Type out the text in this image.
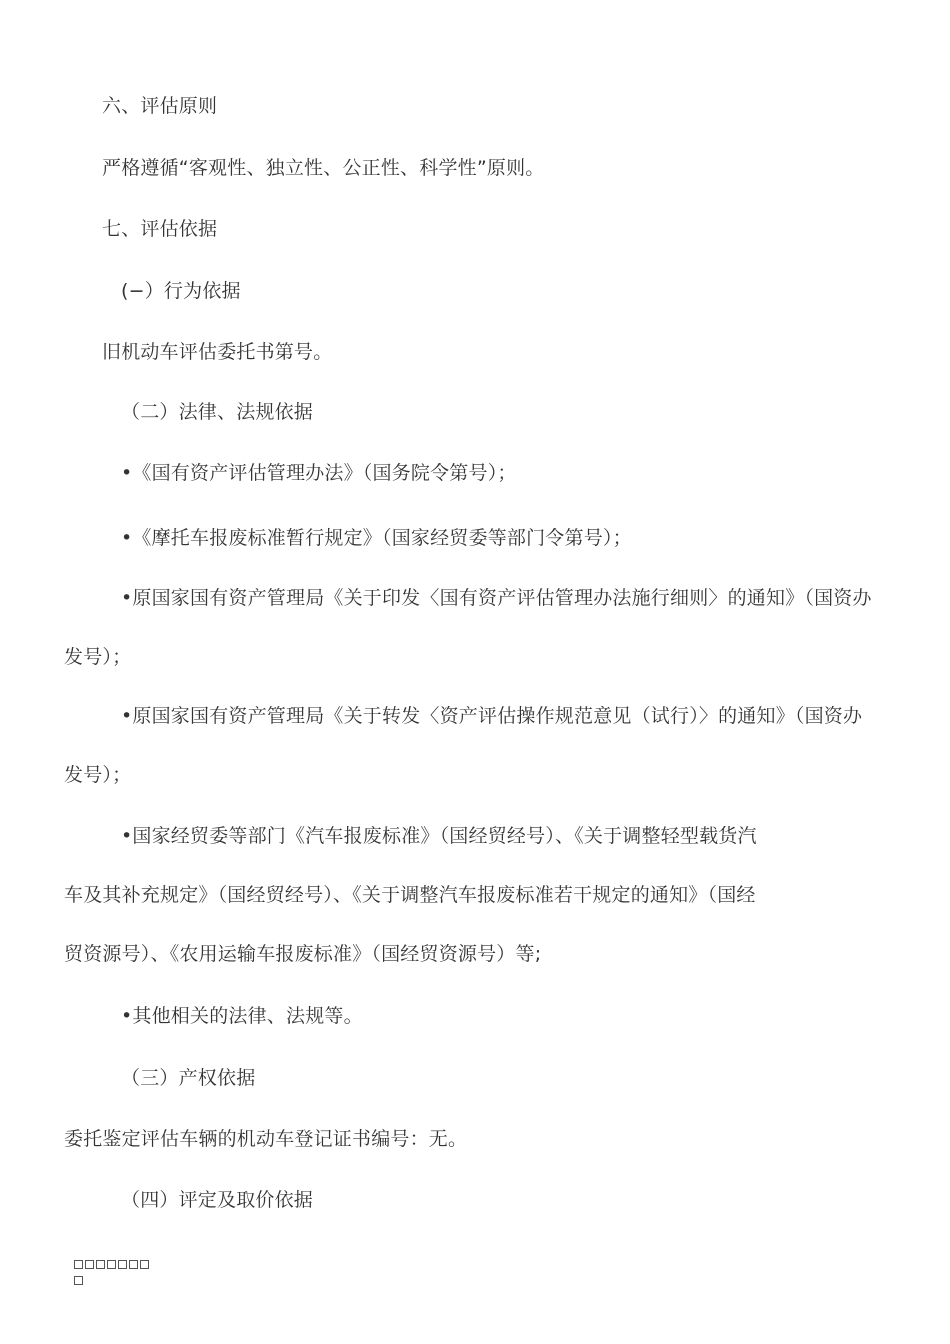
六、评估原则
严格遵循“客观性、独立性、公正性、科学性”原则。
七、评估依据
(−）行为依据
旧机动车评估委托书第号。
（二）法律、法规依据
•《国有资产评估管理办法》（国务院令第号）；
•《摩托车报废标准暂行规定》（国家经贸委等部门令第号）；
•原国家国有资产管理局《关于印发〈国有资产评估管理办法施行细则〉的通知》（国资办
发号）；
•原国家国有资产管理局《关于转发〈资产评估操作规范意见（试行）〉的通知》（国资办
发号）；
•国家经贸委等部门《汽车报废标准》（国经贸经号）、《关于调整轻型载货汽
车及其补充规定》（国经贸经号）、《关于调整汽车报废标准若干规定的通知》（国经
贸资源号）、《农用运输车报废标准》（国经贸资源号）等;
•其他相关的法律、法规等。
（三）产权依据
委托鉴定评估车辆的机动车登记证书编号：无。
（四）评定及取价依据
